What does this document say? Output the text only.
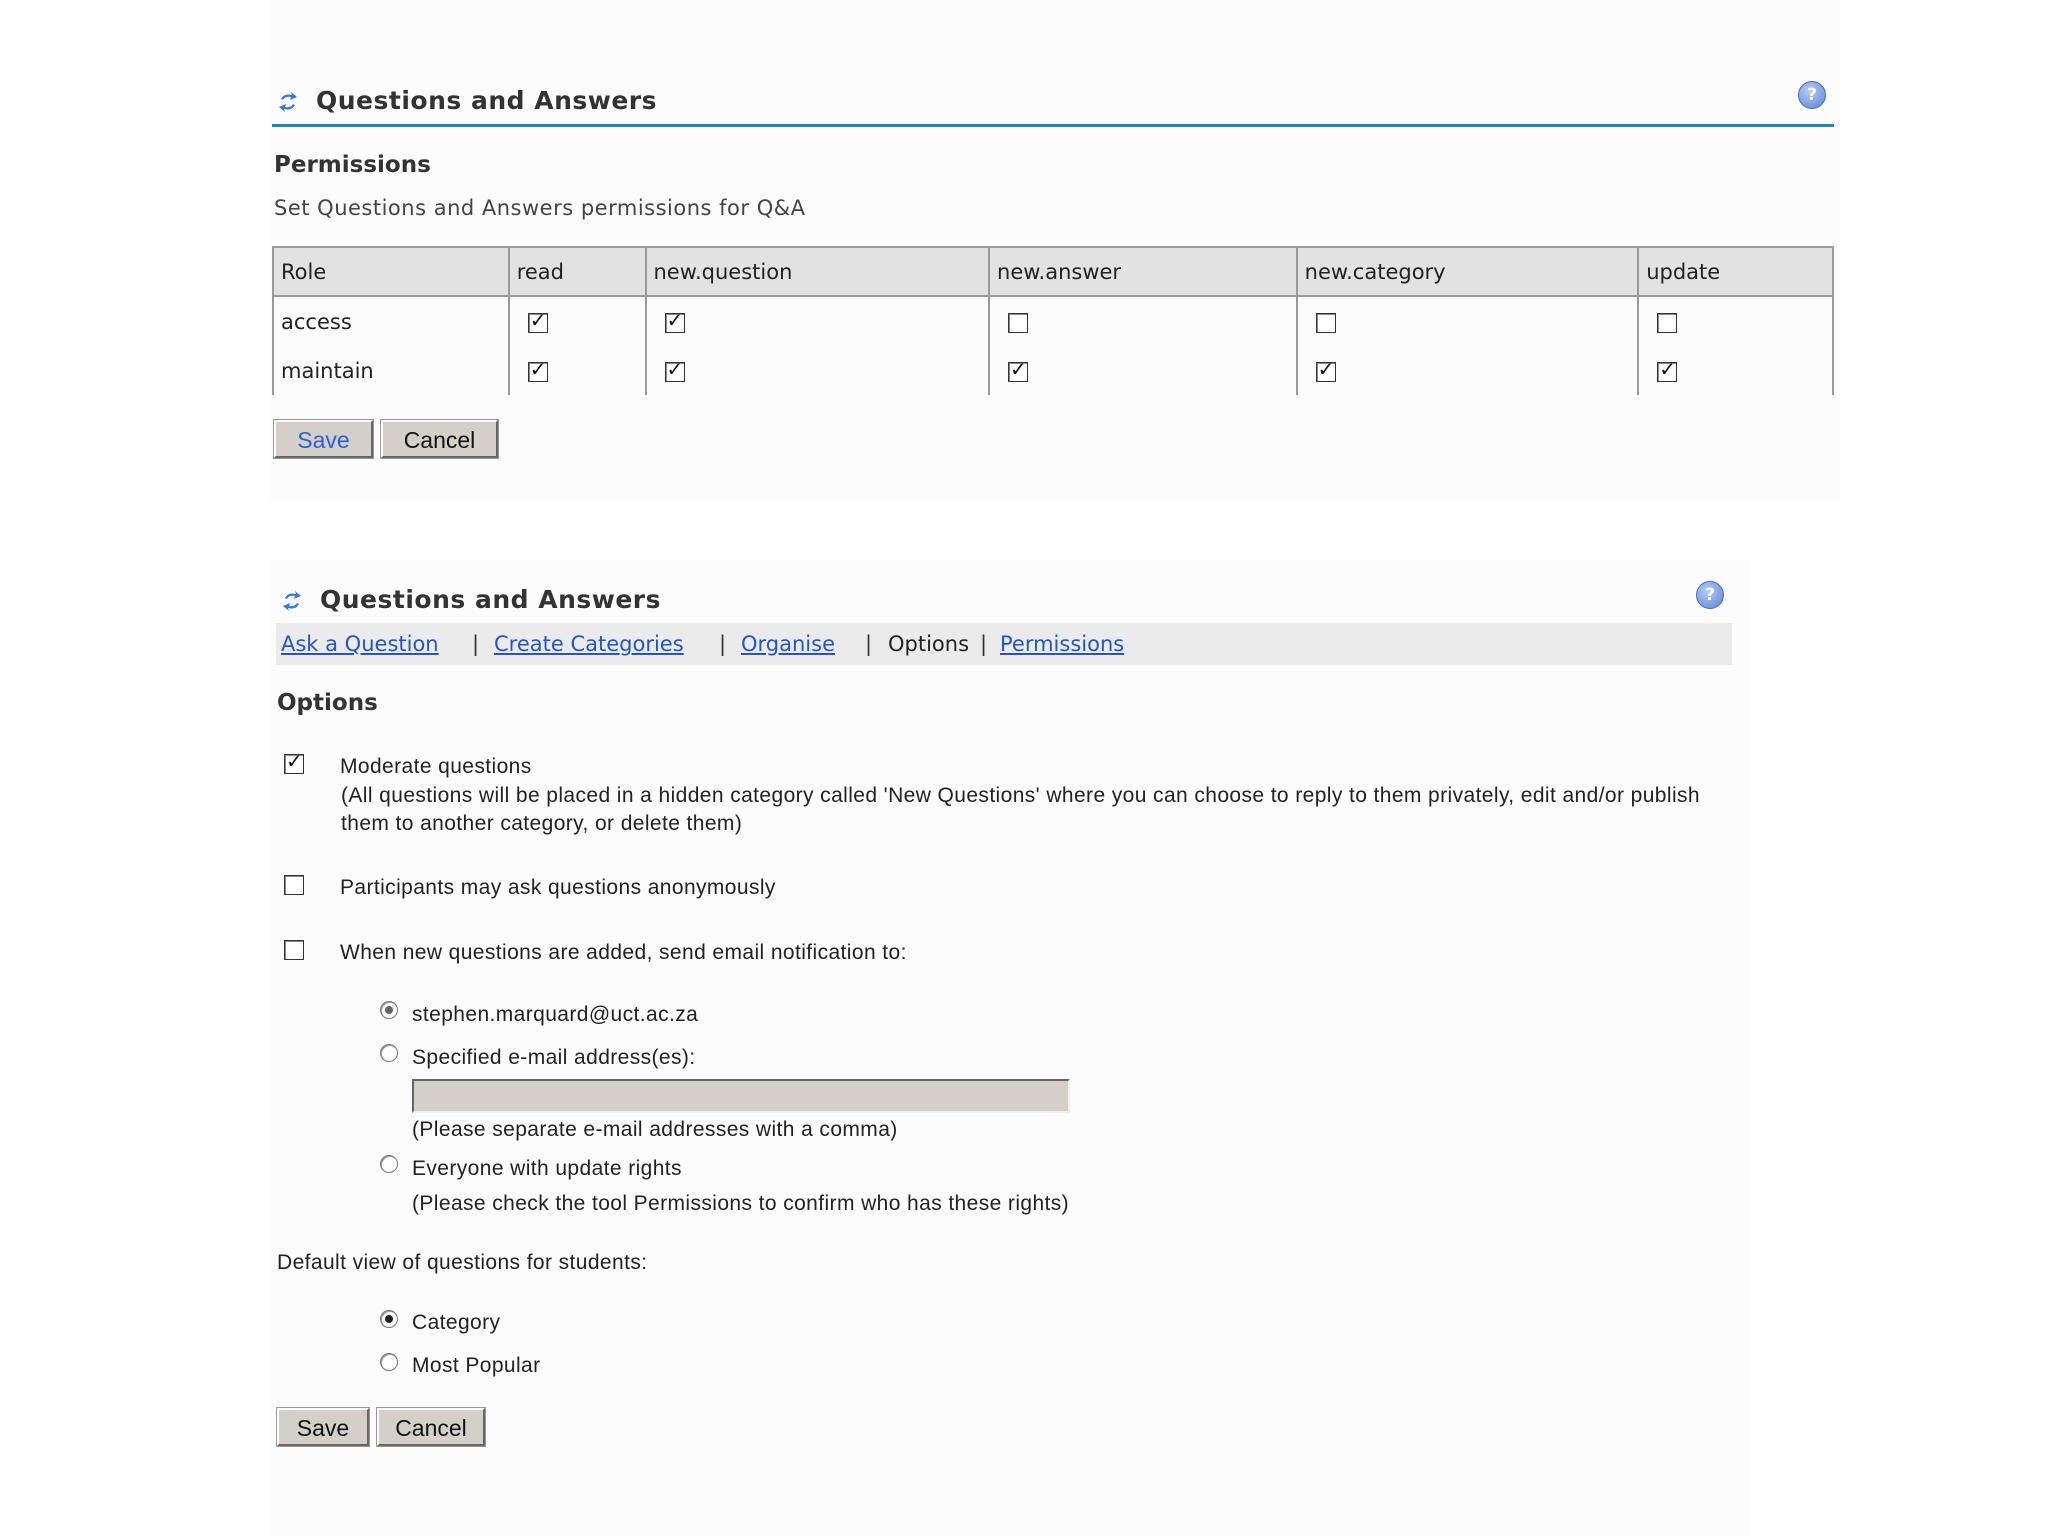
Questions and Answers	?
Permissions
Set Questions and Answers permissions for Q&A
Role	read	new.question	new.answer	new.category	update
access	✓	✓			
maintain	✓	✓	✓	✓	✓
Save	Cancel
Questions and Answers	?
Ask a Question | Create Categories | Organise | Options | Permissions
Options
✓
Moderate questions
(All questions will be placed in a hidden category called 'New Questions' where you can choose to reply to them privately, edit and/or publish
them to another category, or delete them)
Participants may ask questions anonymously
When new questions are added, send email notification to:
stephen.marquard@uct.ac.za
Specified e-mail address(es):
(Please separate e-mail addresses with a comma)
Everyone with update rights
(Please check the tool Permissions to confirm who has these rights)
Default view of questions for students:
Category
Most Popular
Save	Cancel
